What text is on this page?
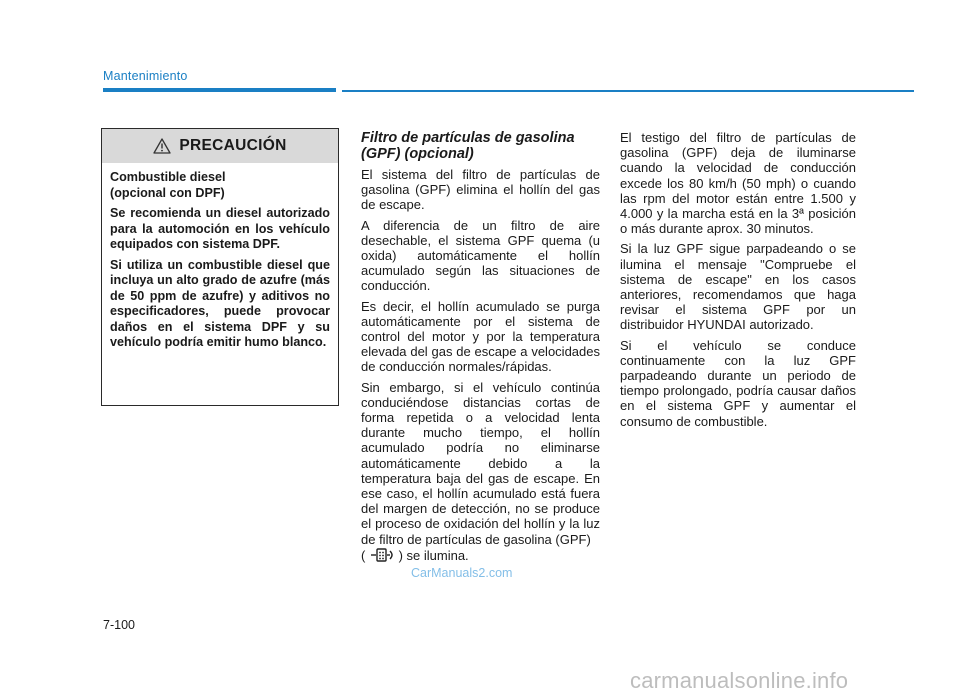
Mantenimiento
PRECAUCIÓN

Combustible diesel (opcional con DPF)

Se recomienda un diesel autorizado para la automoción en los vehículo equipados con sistema DPF.

Si utiliza un combustible diesel que incluya un alto grado de azufre (más de 50 ppm de azufre) y aditivos no especificadores, puede provocar daños en el sistema DPF y su vehículo podría emitir humo blanco.

Filtro de partículas de gasolina (GPF) (opcional)

El sistema del filtro de partículas de gasolina (GPF) elimina el hollín del gas de escape.

A diferencia de un filtro de aire desechable, el sistema GPF quema (u oxida) automáticamente el hollín acumulado según las situaciones de conducción.

Es decir, el hollín acumulado se purga automáticamente por el sistema de control del motor y por la temperatura elevada del gas de escape a velocidades de conducción normales/rápidas.

Sin embargo, si el vehículo continúa conduciéndose distancias cortas de forma repetida o a velocidad lenta durante mucho tiempo, el hollín acumulado podría no eliminarse automáticamente debido a la temperatura baja del gas de escape. En ese caso, el hollín acumulado está fuera del margen de detección, no se produce el proceso de oxidación del hollín y la luz de filtro de partículas de gasolina (GPF)

(	) se ilumina.

El testigo del filtro de partículas de gasolina (GPF) deja de iluminarse cuando la velocidad de conducción excede los 80 km/h (50 mph) o cuando las rpm del motor están entre 1.500 y 4.000 y la marcha está en la 3ª posición o más durante aprox. 30 minutos.

Si la luz GPF sigue parpadeando o se ilumina el mensaje "Compruebe el sistema de escape" en los casos anteriores, recomendamos que haga revisar el sistema GPF por un distribuidor HYUNDAI autorizado.

Si el vehículo se conduce continuamente con la luz GPF parpadeando durante un periodo de tiempo prolongado, podría causar daños en el sistema GPF y aumentar el consumo de combustible.

CarManuals2.com
7-100
carmanualsonline.info
